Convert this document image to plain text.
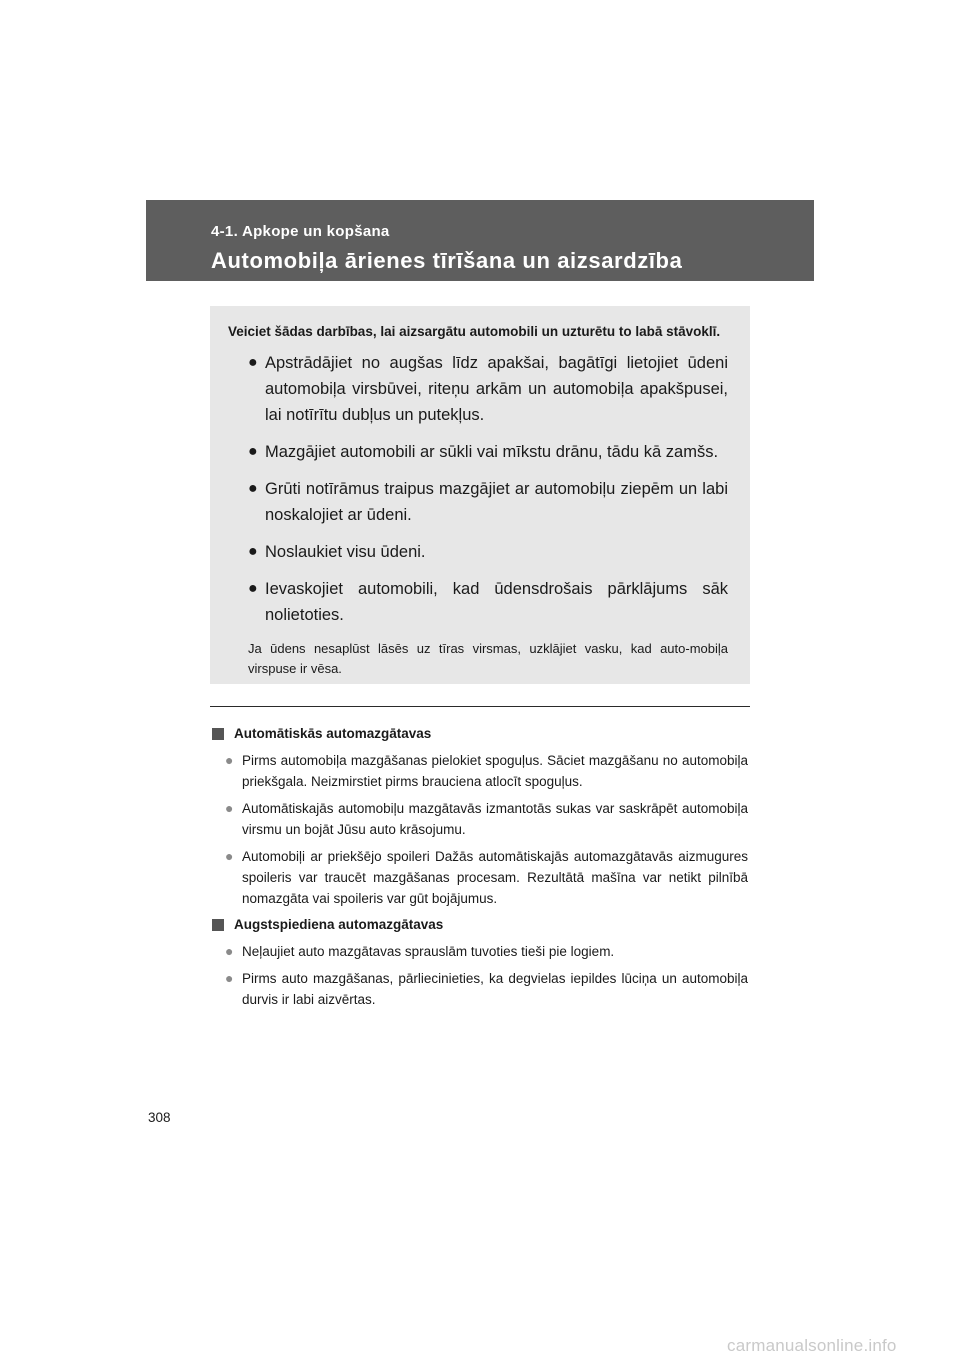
4-1. Apkope un kopšana
Automobiļa ārienes tīrīšana un aizsardzība

Veiciet šādas darbības, lai aizsargātu automobili un uzturētu to labā stāvoklī.

● Apstrādājiet no augšas līdz apakšai, bagātīgi lietojiet ūdeni automobiļa virsbūvei, riteņu arkām un automobiļa apakšpusei, lai notīrītu dubļus un putekļus.
● Mazgājiet automobili ar sūkli vai mīkstu drānu, tādu kā zamšs.
● Grūti notīrāmus traipus mazgājiet ar automobiļu ziepēm un labi noskalojiet ar ūdeni.
● Noslaukiet visu ūdeni.
● Ievaskojiet automobili, kad ūdensdrošais pārklājums sāk nolietoties.
Ja ūdens nesaplūst lāsēs uz tīras virsmas, uzklājiet vasku, kad auto-mobiļa virspuse ir vēsa.
Automātiskās automazgātavas
● Pirms automobiļa mazgāšanas pielokiet spoguļus. Sāciet mazgāšanu no automobiļa priekšgala. Neizmirstiet pirms brauciena atlocīt spoguļus.
● Automātiskajās automobiļu mazgātavās izmantotās sukas var saskrāpēt automobiļa virsmu un bojāt Jūsu auto krāsojumu.
● Automobiļi ar priekšējo spoileri Dažās automātiskajās automazgātavās aizmugures spoileris var traucēt mazgāšanas procesam. Rezultātā mašīna var netikt pilnībā nomazgāta vai spoileris var gūt bojājumus.
Augstspiediena automazgātavas
● Neļaujiet auto mazgātavas sprauslām tuvoties tieši pie logiem.
● Pirms auto mazgāšanas, pārliecinieties, ka degvielas iepildes lūciņa un automobiļa durvis ir labi aizvērtas.
308
carmanualsonline.info
